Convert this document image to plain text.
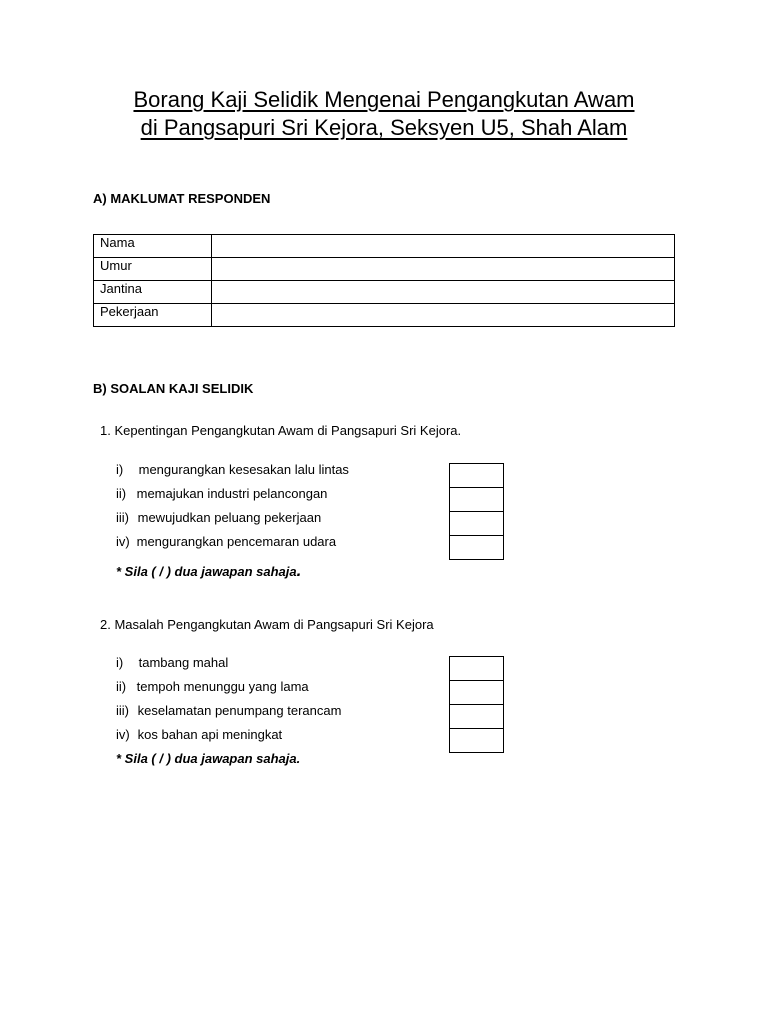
Borang Kaji Selidik Mengenai Pengangkutan Awam
di Pangsapuri Sri Kejora, Seksyen U5, Shah Alam
A) MAKLUMAT RESPONDEN
Nama	
Umur	
Jantina	
Pekerjaan	
B) SOALAN KAJI SELIDIK
1. Kepentingan Pengangkutan Awam di Pangsapuri Sri Kejora.
i) mengurangkan kesesakan lalu lintas
ii) memajukan industri pelancongan
iii) mewujudkan peluang pekerjaan
iv) mengurangkan pencemaran udara
* Sila ( / ) dua jawapan sahaja.
2. Masalah Pengangkutan Awam di Pangsapuri Sri Kejora
i) tambang mahal
ii) tempoh menunggu yang lama
iii) keselamatan penumpang terancam
iv) kos bahan api meningkat
* Sila ( / ) dua jawapan sahaja.
